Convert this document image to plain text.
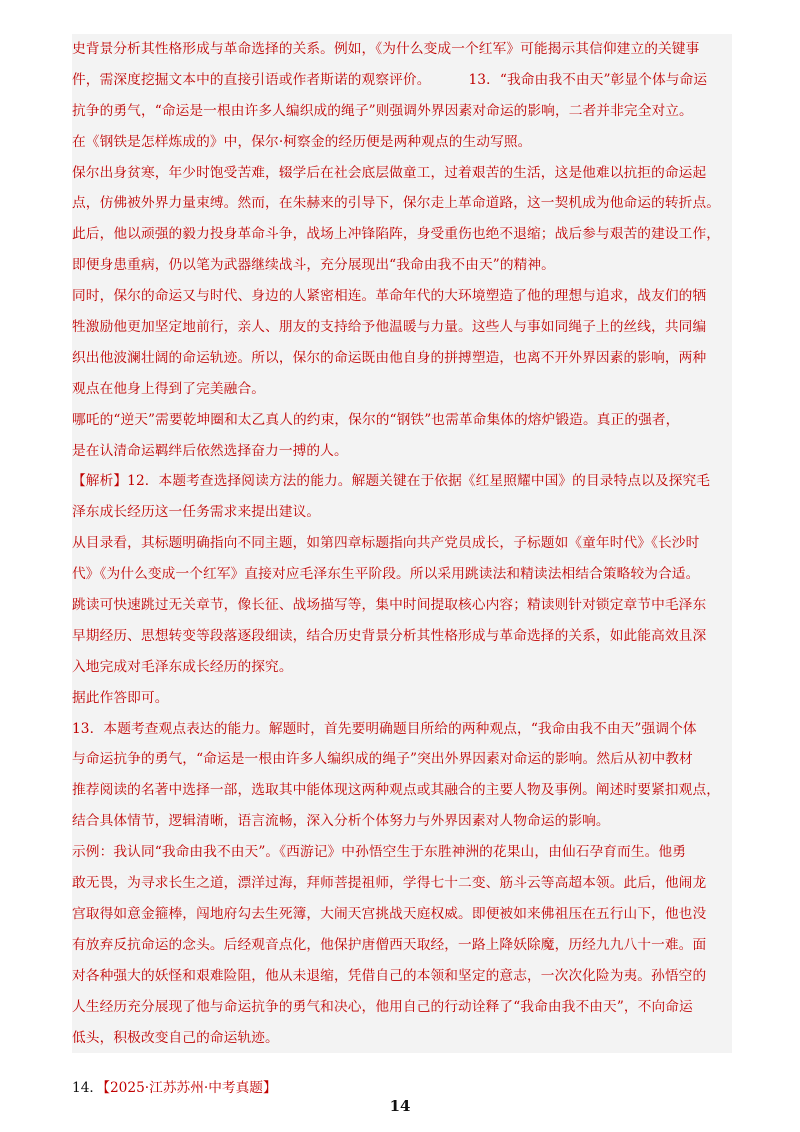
史背景分析其性格形成与革命选择的关系。例如，《为什么变成一个红军》可能揭示其信仰建立的关键事
件，需深度挖掘文本中的直接引语或作者斯诺的观察评价。	13．“我命由我不由天”彰显个体与命运
抗争的勇气，“命运是一根由许多人编织成的绳子”则强调外界因素对命运的影响，二者并非完全对立。
在《钢铁是怎样炼成的》中，保尔·柯察金的经历便是两种观点的生动写照。
保尔出身贫寒，年少时饱受苦难，辍学后在社会底层做童工，过着艰苦的生活，这是他难以抗拒的命运起
点，仿佛被外界力量束缚。然而，在朱赫来的引导下，保尔走上革命道路，这一契机成为他命运的转折点。
此后，他以顽强的毅力投身革命斗争，战场上冲锋陷阵，身受重伤也绝不退缩；战后参与艰苦的建设工作，
即便身患重病，仍以笔为武器继续战斗，充分展现出“我命由我不由天”的精神。
同时，保尔的命运又与时代、身边的人紧密相连。革命年代的大环境塑造了他的理想与追求，战友们的牺
牲激励他更加坚定地前行，亲人、朋友的支持给予他温暖与力量。这些人与事如同绳子上的丝线，共同编
织出他波澜壮阔的命运轨迹。所以，保尔的命运既由他自身的拼搏塑造，也离不开外界因素的影响，两种
观点在他身上得到了完美融合。
哪吒的“逆天”需要乾坤圈和太乙真人的约束，保尔的“钢铁”也需革命集体的熔炉锻造。真正的强者，
是在认清命运羁绊后依然选择奋力一搏的人。
【解析】12．本题考查选择阅读方法的能力。解题关键在于依据《红星照耀中国》的目录特点以及探究毛
泽东成长经历这一任务需求来提出建议。
从目录看，其标题明确指向不同主题，如第四章标题指向共产党员成长，子标题如《童年时代》《长沙时
代》《为什么变成一个红军》直接对应毛泽东生平阶段。所以采用跳读法和精读法相结合策略较为合适。
跳读可快速跳过无关章节，像长征、战场描写等，集中时间提取核心内容；精读则针对锁定章节中毛泽东
早期经历、思想转变等段落逐段细读，结合历史背景分析其性格形成与革命选择的关系，如此能高效且深
入地完成对毛泽东成长经历的探究。
据此作答即可。
13．本题考查观点表达的能力。解题时，首先要明确题目所给的两种观点，“我命由我不由天”强调个体
与命运抗争的勇气，“命运是一根由许多人编织成的绳子”突出外界因素对命运的影响。然后从初中教材
推荐阅读的名著中选择一部，选取其中能体现这两种观点或其融合的主要人物及事例。阐述时要紧扣观点，
结合具体情节，逻辑清晰，语言流畅，深入分析个体努力与外界因素对人物命运的影响。
示例：我认同“我命由我不由天”。《西游记》中孙悟空生于东胜神洲的花果山，由仙石孕育而生。他勇
敢无畏，为寻求长生之道，漂洋过海，拜师菩提祖师，学得七十二变、筋斗云等高超本领。此后，他闹龙
宫取得如意金箍棒，闯地府勾去生死簿，大闹天宫挑战天庭权威。即便被如来佛祖压在五行山下，他也没
有放弃反抗命运的念头。后经观音点化，他保护唐僧西天取经，一路上降妖除魔，历经九九八十一难。面
对各种强大的妖怪和艰难险阻，他从未退缩，凭借自己的本领和坚定的意志，一次次化险为夷。孙悟空的
人生经历充分展现了他与命运抗争的勇气和决心，他用自己的行动诠释了“我命由我不由天”，不向命运
低头，积极改变自己的命运轨迹。
14．【2025·江苏苏州·中考真题】
14
